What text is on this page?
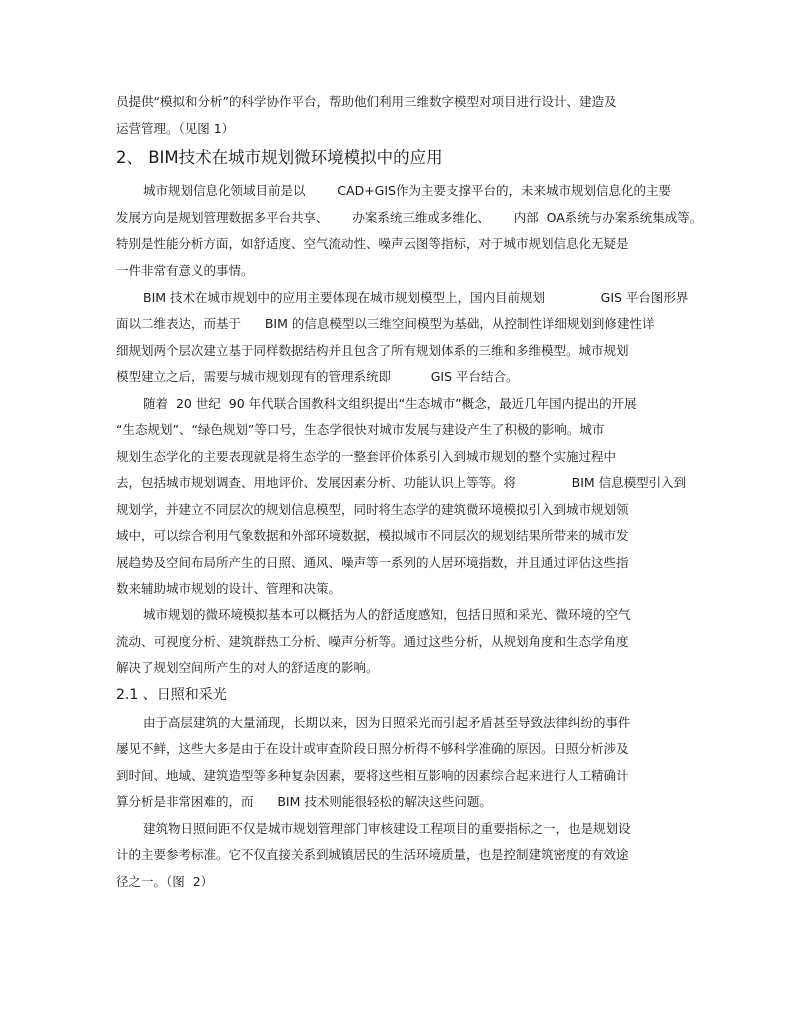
员提供“模拟和分析”的科学协作平台，帮助他们利用三维数字模型对项目进行设计、建造及
运营管理。（见图 1）
2、 BIM技术在城市规划微环境模拟中的应用
城市规划信息化领域目前是以        CAD+GIS作为主要支撑平台的，未来城市规划信息化的主要
发展方向是规划管理数据多平台共享、      办案系统三维或多维化、      内部  OA系统与办案系统集成等。
特别是性能分析方面，如舒适度、空气流动性、噪声云图等指标，对于城市规划信息化无疑是
一件非常有意义的事情。
BIM 技术在城市规划中的应用主要体现在城市规划模型上，国内目前规划              GIS 平台图形界
面以二维表达，而基于      BIM 的信息模型以三维空间模型为基础，从控制性详细规划到修建性详
细规划两个层次建立基于同样数据结构并且包含了所有规划体系的三维和多维模型。城市规划
模型建立之后，需要与城市规划现有的管理系统即          GIS 平台结合。
随着  20 世纪  90 年代联合国教科文组织提出“生态城市”概念，最近几年国内提出的开展
“生态规划”、“绿色规划”等口号，生态学很快对城市发展与建设产生了积极的影响。城市
规划生态学化的主要表现就是将生态学的一整套评价体系引入到城市规划的整个实施过程中
去，包括城市规划调查、用地评价、发展因素分析、功能认识上等等。将              BIM 信息模型引入到
规划学，并建立不同层次的规划信息模型，同时将生态学的建筑微环境模拟引入到城市规划领
域中，可以综合利用气象数据和外部环境数据，模拟城市不同层次的规划结果所带来的城市发
展趋势及空间布局所产生的日照、通风、噪声等一系列的人居环境指数，并且通过评估这些指
数来辅助城市规划的设计、管理和决策。
城市规划的微环境模拟基本可以概括为人的舒适度感知，包括日照和采光、微环境的空气
流动、可视度分析、建筑群热工分析、噪声分析等。通过这些分析，从规划角度和生态学角度
解决了规划空间所产生的对人的舒适度的影响。
2.1 、日照和采光
由于高层建筑的大量涌现，长期以来，因为日照采光而引起矛盾甚至导致法律纠纷的事件
屡见不鲜，这些大多是由于在设计或审查阶段日照分析得不够科学准确的原因。日照分析涉及
到时间、地域、建筑造型等多种复杂因素，要将这些相互影响的因素综合起来进行人工精确计
算分析是非常困难的，而      BIM 技术则能很轻松的解决这些问题。
建筑物日照间距不仅是城市规划管理部门审核建设工程项目的重要指标之一，也是规划设
计的主要参考标准。它不仅直接关系到城镇居民的生活环境质量，也是控制建筑密度的有效途
径之一。（图  2）
